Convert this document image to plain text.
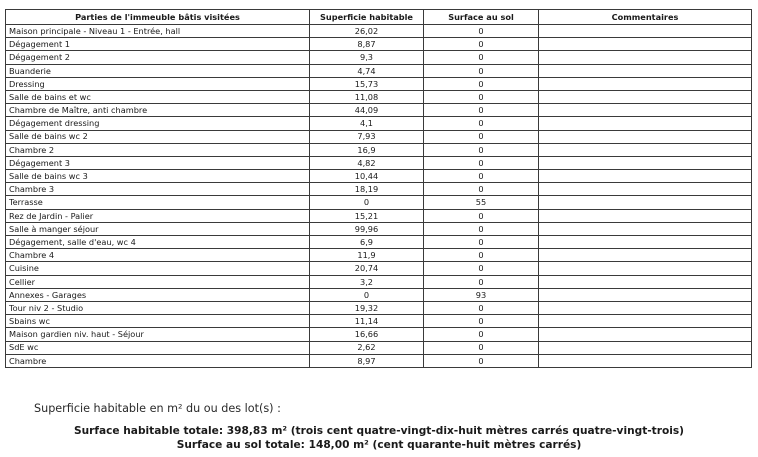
Parties de l'immeuble bâtis visitées	Superficie habitable	Surface au sol	Commentaires
Maison principale - Niveau 1 - Entrée, hall	26,02	0	
Dégagement 1	8,87	0	
Dégagement 2	9,3	0	
Buanderie	4,74	0	
Dressing	15,73	0	
Salle de bains et wc	11,08	0	
Chambre de Maître, anti chambre	44,09	0	
Dégagement dressing	4,1	0	
Salle de bains wc 2	7,93	0	
Chambre 2	16,9	0	
Dégagement 3	4,82	0	
Salle de bains wc 3	10,44	0	
Chambre 3	18,19	0	
Terrasse	0	55	
Rez de Jardin - Palier	15,21	0	
Salle à manger séjour	99,96	0	
Dégagement, salle d'eau, wc 4	6,9	0	
Chambre 4	11,9	0	
Cuisine	20,74	0	
Cellier	3,2	0	
Annexes - Garages	0	93	
Tour niv 2 - Studio	19,32	0	
Sbains wc	11,14	0	
Maison gardien niv. haut - Séjour	16,66	0	
SdE wc	2,62	0	
Chambre	8,97	0	
Superficie habitable en m² du ou des lot(s) :
Surface habitable totale: 398,83 m² (trois cent quatre-vingt-dix-huit mètres carrés quatre-vingt-trois)
Surface au sol totale: 148,00 m² (cent quarante-huit mètres carrés)
